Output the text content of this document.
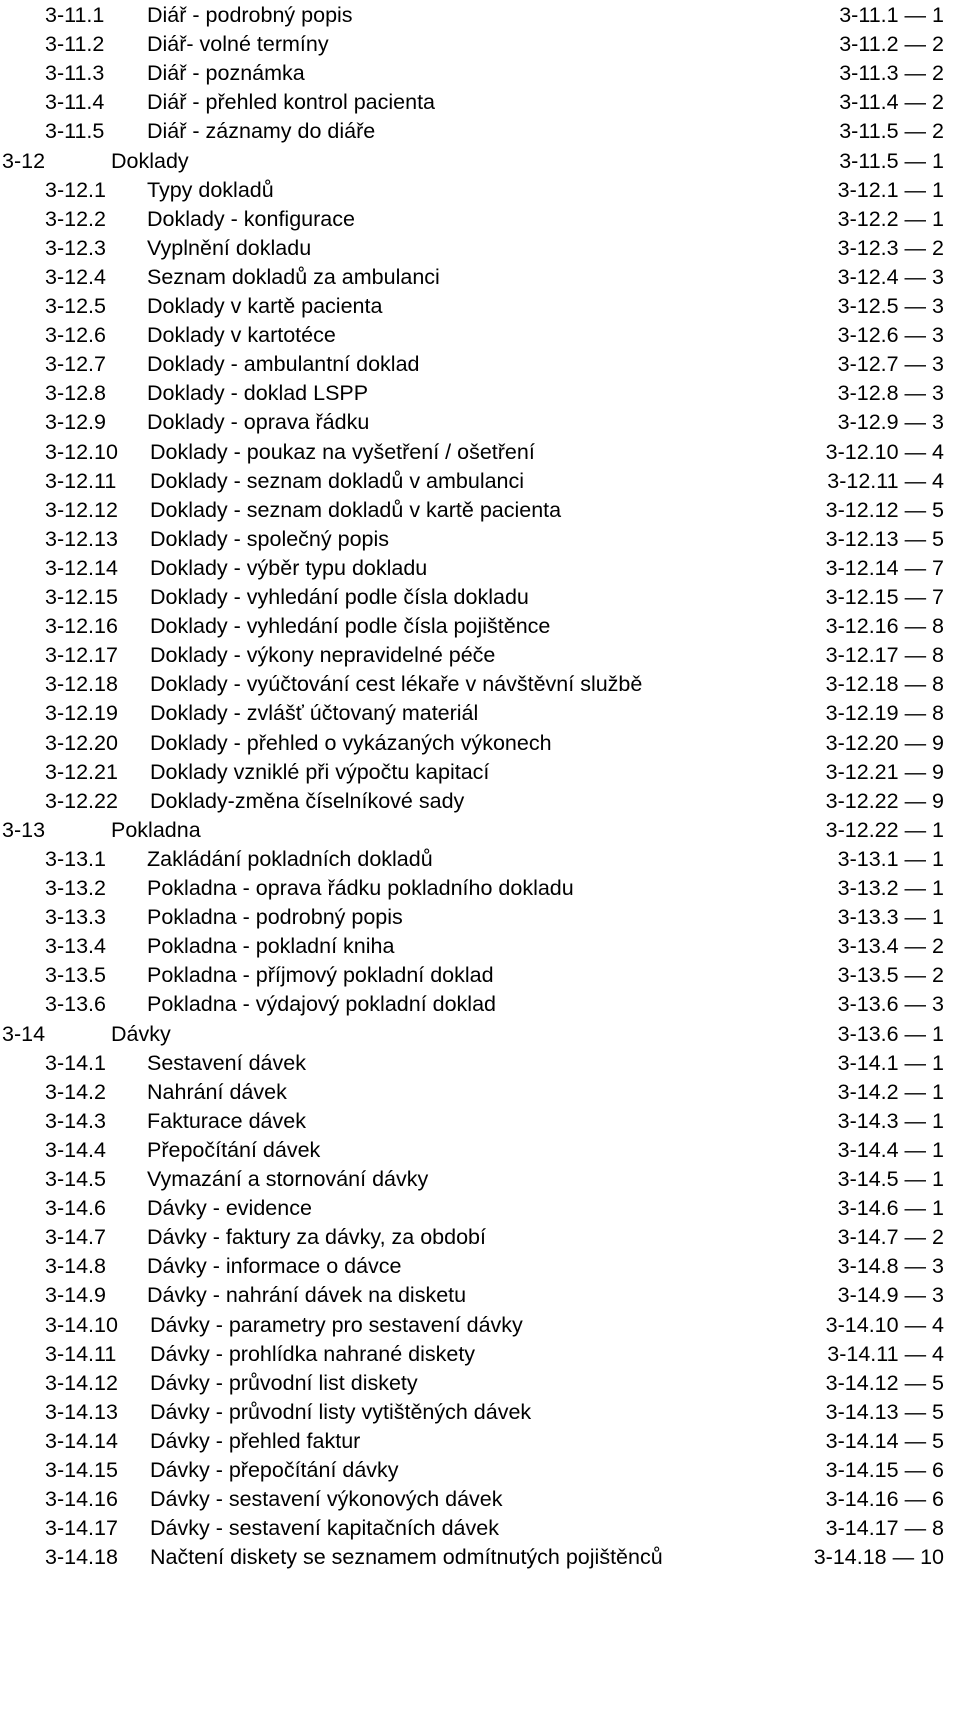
3-11.1 Diář - podrobný popis	3-11.1 — 1
3-11.2 Diář- volné termíny	3-11.2 — 2
3-11.3 Diář - poznámka	3-11.3 — 2
3-11.4 Diář - přehled kontrol pacienta	3-11.4 — 2
3-11.5 Diář - záznamy do diáře	3-11.5 — 2
3-12	Doklady	3-11.5 — 1
3-12.1 Typy dokladů	3-12.1 — 1
3-12.2 Doklady - konfigurace	3-12.2 — 1
3-12.3 Vyplnění dokladu	3-12.3 — 2
3-12.4 Seznam dokladů za ambulanci	3-12.4 — 3
3-12.5 Doklady v kartě pacienta	3-12.5 — 3
3-12.6 Doklady v kartotéce	3-12.6 — 3
3-12.7 Doklady - ambulantní doklad	3-12.7 — 3
3-12.8 Doklady - doklad LSPP	3-12.8 — 3
3-12.9 Doklady - oprava řádku	3-12.9 — 3
3-12.10 Doklady - poukaz na vyšetření / ošetření	3-12.10 — 4
3-12.11 Doklady - seznam dokladů v ambulanci	3-12.11 — 4
3-12.12 Doklady - seznam dokladů v kartě pacienta	3-12.12 — 5
3-12.13 Doklady - společný popis	3-12.13 — 5
3-12.14 Doklady - výběr typu dokladu	3-12.14 — 7
3-12.15 Doklady - vyhledání podle čísla dokladu	3-12.15 — 7
3-12.16 Doklady - vyhledání podle čísla pojištěnce	3-12.16 — 8
3-12.17 Doklady - výkony nepravidelné péče	3-12.17 — 8
3-12.18 Doklady - vyúčtování cest lékaře v návštěvní službě	3-12.18 — 8
3-12.19 Doklady - zvlášť účtovaný materiál	3-12.19 — 8
3-12.20 Doklady - přehled o vykázaných výkonech	3-12.20 — 9
3-12.21 Doklady vzniklé při výpočtu kapitací	3-12.21 — 9
3-12.22 Doklady-změna číselníkové sady	3-12.22 — 9
3-13	Pokladna	3-12.22 — 1
3-13.1 Zakládání pokladních dokladů	3-13.1 — 1
3-13.2 Pokladna - oprava řádku pokladního dokladu	3-13.2 — 1
3-13.3 Pokladna - podrobný popis	3-13.3 — 1
3-13.4 Pokladna - pokladní kniha	3-13.4 — 2
3-13.5 Pokladna - příjmový pokladní doklad	3-13.5 — 2
3-13.6 Pokladna - výdajový pokladní doklad	3-13.6 — 3
3-14	Dávky	3-13.6 — 1
3-14.1 Sestavení dávek	3-14.1 — 1
3-14.2 Nahrání dávek	3-14.2 — 1
3-14.3 Fakturace dávek	3-14.3 — 1
3-14.4 Přepočítání dávek	3-14.4 — 1
3-14.5 Vymazání a stornování dávky	3-14.5 — 1
3-14.6 Dávky - evidence	3-14.6 — 1
3-14.7 Dávky - faktury za dávky, za období	3-14.7 — 2
3-14.8 Dávky - informace o dávce	3-14.8 — 3
3-14.9 Dávky - nahrání dávek na disketu	3-14.9 — 3
3-14.10 Dávky - parametry pro sestavení dávky	3-14.10 — 4
3-14.11 Dávky - prohlídka nahrané diskety	3-14.11 — 4
3-14.12 Dávky - průvodní list diskety	3-14.12 — 5
3-14.13 Dávky - průvodní listy vytištěných dávek	3-14.13 — 5
3-14.14 Dávky - přehled faktur	3-14.14 — 5
3-14.15 Dávky - přepočítání dávky	3-14.15 — 6
3-14.16 Dávky - sestavení výkonových dávek	3-14.16 — 6
3-14.17 Dávky - sestavení kapitačních dávek	3-14.17 — 8
3-14.18 Načtení diskety se seznamem odmítnutých pojištěnců	3-14.18 — 10
